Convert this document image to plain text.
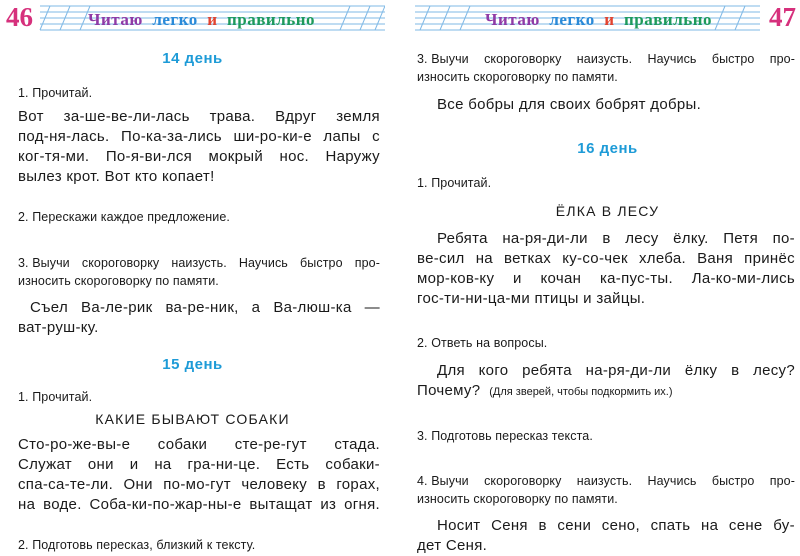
46	Читаю легко и правильно
14 день
1. Прочитай.
Вот за-ше-ве-ли-лась трава. Вдруг земля
под-ня-лась. По-ка-за-лись ши-ро-ки-е лапы с
ког-тя-ми. По-я-ви-лся мокрый нос. Наружу
вылез крот. Вот кто копает!
2. Перескажи каждое предложение.
3. Выучи скороговорку наизусть. Научись быстро про-
износить скороговорку по памяти.
Съел Ва-ле-рик ва-ре-ник, а Ва-люш-ка —
ват-руш-ку.
15 день
1. Прочитай.
КАКИЕ БЫВАЮТ СОБАКИ
Сто-ро-же-вы-е собаки сте-ре-гут стада.
Служат они и на гра-ни-це. Есть собаки-
спа-са-те-ли. Они по-мо-гут человеку в горах,
на воде. Соба-ки-по-жар-ны-е вытащат из огня.
2. Подготовь пересказ, близкий к тексту.
Читаю легко и правильно 47
3. Выучи скороговорку наизусть. Научись быстро про-
износить скороговорку по памяти.
Все бобры для своих бобрят добры.
16 день
1. Прочитай.
ЁЛКА В ЛЕСУ
Ребята на-ря-ди-ли в лесу ёлку. Петя по-
ве-сил на ветках ку-со-чек хлеба. Ваня принёс
мор-ков-ку и кочан ка-пус-ты. Ла-ко-ми-лись
гос-ти-ни-ца-ми птицы и зайцы.
2. Ответь на вопросы.
Для кого ребята на-ря-ди-ли ёлку в лесу?
Почему? (Для зверей, чтобы подкормить их.)
3. Подготовь пересказ текста.
4. Выучи скороговорку наизусть. Научись быстро про-
износить скороговорку по памяти.
Носит Сеня в сени сено, спать на сене бу-
дет Сеня.
